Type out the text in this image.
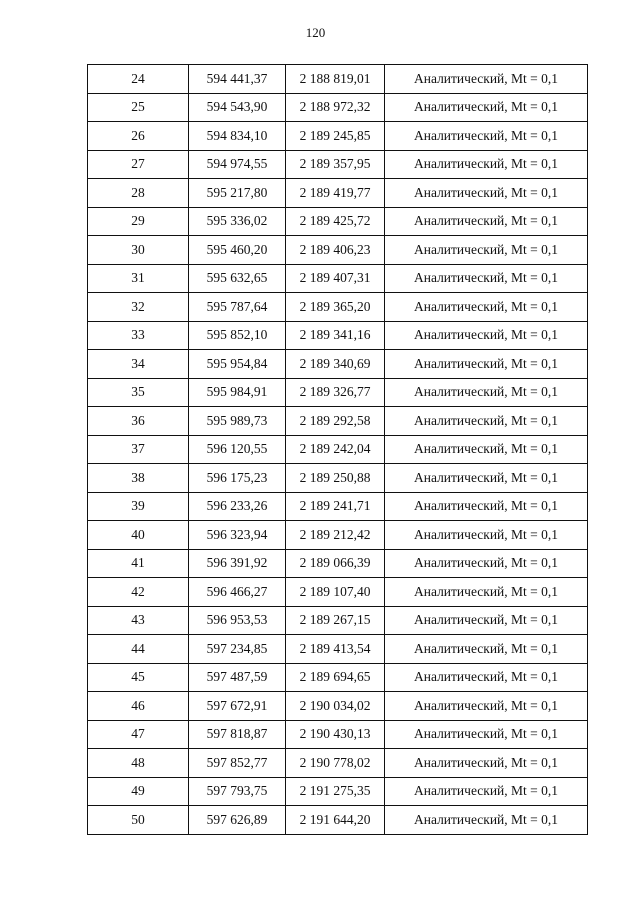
120
24	594 441,37	2 188 819,01	Аналитический, Mt = 0,1
25	594 543,90	2 188 972,32	Аналитический, Mt = 0,1
26	594 834,10	2 189 245,85	Аналитический, Mt = 0,1
27	594 974,55	2 189 357,95	Аналитический, Mt = 0,1
28	595 217,80	2 189 419,77	Аналитический, Mt = 0,1
29	595 336,02	2 189 425,72	Аналитический, Mt = 0,1
30	595 460,20	2 189 406,23	Аналитический, Mt = 0,1
31	595 632,65	2 189 407,31	Аналитический, Mt = 0,1
32	595 787,64	2 189 365,20	Аналитический, Mt = 0,1
33	595 852,10	2 189 341,16	Аналитический, Mt = 0,1
34	595 954,84	2 189 340,69	Аналитический, Mt = 0,1
35	595 984,91	2 189 326,77	Аналитический, Mt = 0,1
36	595 989,73	2 189 292,58	Аналитический, Mt = 0,1
37	596 120,55	2 189 242,04	Аналитический, Mt = 0,1
38	596 175,23	2 189 250,88	Аналитический, Mt = 0,1
39	596 233,26	2 189 241,71	Аналитический, Mt = 0,1
40	596 323,94	2 189 212,42	Аналитический, Mt = 0,1
41	596 391,92	2 189 066,39	Аналитический, Mt = 0,1
42	596 466,27	2 189 107,40	Аналитический, Mt = 0,1
43	596 953,53	2 189 267,15	Аналитический, Mt = 0,1
44	597 234,85	2 189 413,54	Аналитический, Mt = 0,1
45	597 487,59	2 189 694,65	Аналитический, Mt = 0,1
46	597 672,91	2 190 034,02	Аналитический, Mt = 0,1
47	597 818,87	2 190 430,13	Аналитический, Mt = 0,1
48	597 852,77	2 190 778,02	Аналитический, Mt = 0,1
49	597 793,75	2 191 275,35	Аналитический, Mt = 0,1
50	597 626,89	2 191 644,20	Аналитический, Mt = 0,1
